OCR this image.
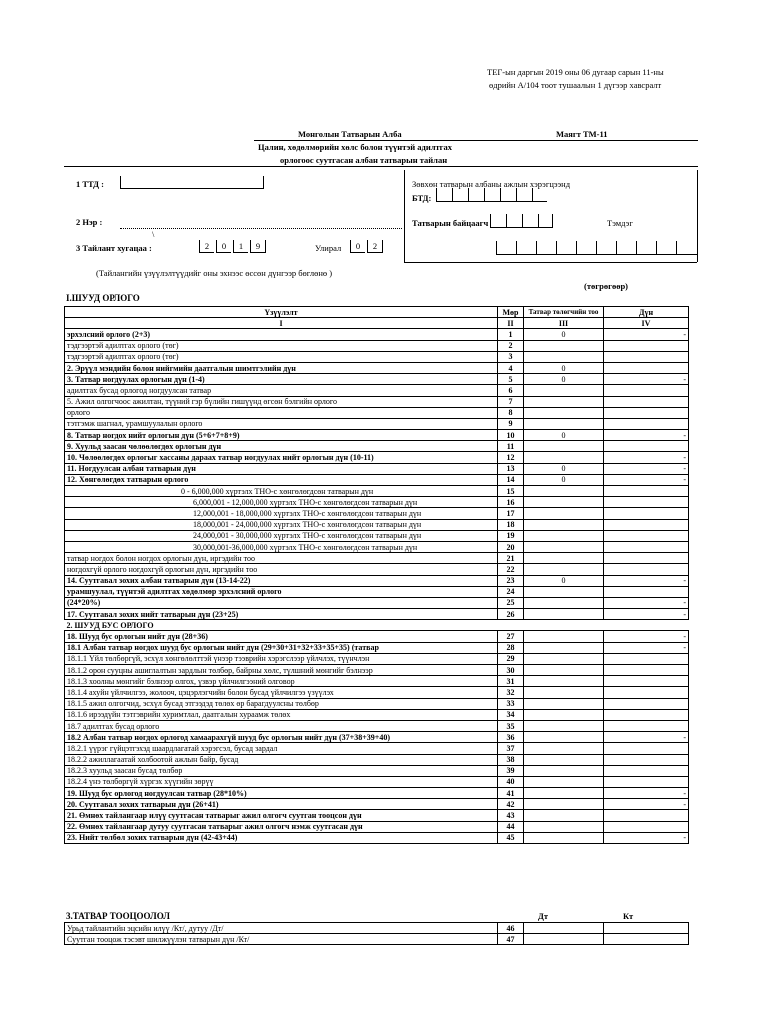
ТЕГ-ын даргын 2019 оны 06 дугаар сарын 11-ны
өдрийн А/104 тоот тушаалын 1 дүгээр хавсралт
Монголын Татварын Алба	Маягт ТМ-11
Цалин, хөдөлмөрийн хөлс болон түүнтэй адилтгах
орлогоос суутгасан албан татварын тайлан
1 ТТД :
2 Нэр :
\
3 Тайлант хугацаа :	2	0	1	9	Улирал	0	2
Зөвхөн татварын албаны ажлын хэрэгцээнд
БТД:
Татварын байцаагч	Тэмдэг
(Тайлангийн үзүүлэлтүүдийг оны эхнээс өссөн дүнгээр бөглөнө )
(төгрөгөөр)
I.ШУУД ОРЛОГО
Үзүүлэлт	Мөр	Татвар төлөгчийн тоо	Дүн
I	II	III	IV
эрхэлсний орлого (2+3)	1	0	-
тэдгээртэй адилтгах орлого (төг)	2		
тэдгээртэй адилтгах орлого (төг)	3		
2. Эрүүл мэндийн болон нийгмийн даатгалын шимтгэлийн дүн	4	0	
3. Татвар ногдуулах орлогын дүн (1-4)	5	0	-
адилтгах бусад орлогод ногдуулсан татвар	6		
5. Ажил олгогчоос ажилтан, түүний гэр бүлийн гишүүнд өгсөн бэлгийн орлого	7		
орлого	8		
тэтгэмж шагнал, урамшуулалын орлого	9		
8. Татвар ногдох нийт орлогын дүн (5+6+7+8+9)	10	0	-
9. Хуульд заасан чөлөөлөгдөх орлогын дүн	11		
10. Чөлөөлөгдөх орлогыг хассаны дараах татвар ногдуулах нийт орлогын дүн (10-11)	12		-
11. Ногдуулсан албан татварын дүн	13	0	-
12. Хөнгөлөгдөх татварын орлого	14	0	-
0 - 6,000,000 хүртэлх ТНО-с хөнгөлөгдсөн татварын дүн	15		
6,000,001 - 12,000,000 хүртэлх ТНО-с хөнгөлөгдсөн татварын дүн	16		
12,000,001 - 18,000,000 хүртэлх ТНО-с хөнгөлөгдсөн татварын дүн	17		
18,000,001 - 24,000,000 хүртэлх ТНО-с хөнгөлөгдсөн татварын дүн	18		
24,000,001 - 30,000,000 хүртэлх ТНО-с хөнгөлөгдсөн татварын дүн	19		
30,000,001-36,000,000 хүртэлх ТНО-с хөнгөлөгдсөн татварын дүн	20		
татвар ногдох болон ногдох орлогын дүн, иргэдийн тоо	21		
ногдохгүй орлого ногдохгүй орлогын дүн, иргэдийн тоо	22		
14. Суутгавал зохих албан татварын дүн (13-14-22)	23	0	-
урамшуулал, түүнтэй адилтгах хөдөлмөр эрхэлсний орлого	24		
(24*20%)	25		-
17. Суутгавал зохих нийт татварын дүн (23+25)	26		-
2. ШУУД БУС ОРЛОГО			
18. Шууд бус орлогын нийт дүн (28+36)	27		-
18.1 Албан татвар ногдох шууд бус орлогын нийт дүн (29+30+31+32+33+35+35) (татвар	28		-
18.1.1 Үйл төлбөргүй, эсхүл хөнгөлөлттэй үнээр тээврийн хэрэгслээр үйлчлэх, түүнчлэн	29		
18.1.2 орон сууцны ашиглалтын зардлын төлбөр, байрны хөлс, түлшний мөнгийг бэлнээр	30		
18.1.3 хоолны мөнгийг бэлнээр олгох, үзвэр үйлчилгээний олговор	31		
18.1.4 ахуйн үйлчилгээ, жолооч, цэцэрлэгчийн болон бусад үйлчилгээ үзүүлэх	32		
18.1.5 ажил олгогчид, эсхүл бусад этгээдэд төлөх өр барагдуулсны төлбөр	33		
18.1.6 ирээдүйн тэтгэврийн хуримтлал, даатгалын хураамж төлөх	34		
18.7 адилтгах бусад орлого	35		
18.2 Албан татвар ногдох орлогод хамаарахгүй шууд бус орлогын нийт дүн (37+38+39+40)	36		-
18.2.1 үүрэг гүйцэтгэхэд шаардлагатай хэрэгсэл, бусад зардал	37		
18.2.2 ажиллагаатай холбоотой ажлын байр, бусад	38		
18.2.3 хуульд заасан бусад төлбөр	39		
18.2.4 үнэ төлбөргүй хүргэх хүүгийн зөрүү	40		
19. Шууд бус орлогод ногдуулсан татвар (28*10%)	41		-
20. Суутгавал зохих татварын дүн (26+41)	42		-
21. Өмнөх тайлангаар илүү суутгасан татварыг ажил олгогч суутган тооцсон дүн	43		
22. Өмнөх тайлангаар дутуу суутгасан татварыг ажил олгогч нэмж суутгасан дүн	44		
23. Нийт төлбөл зохих татварын дүн (42-43+44)	45		-
3.ТАТВАР ТООЦООЛОЛ	Дт	Кт
Урьд тайлантийн эцсийн илүү /Кт/, дутуу /Дт/	46		
Суутган тооцож тэсэвт шилжүүлэн татварын дүн /Кт/	47		
